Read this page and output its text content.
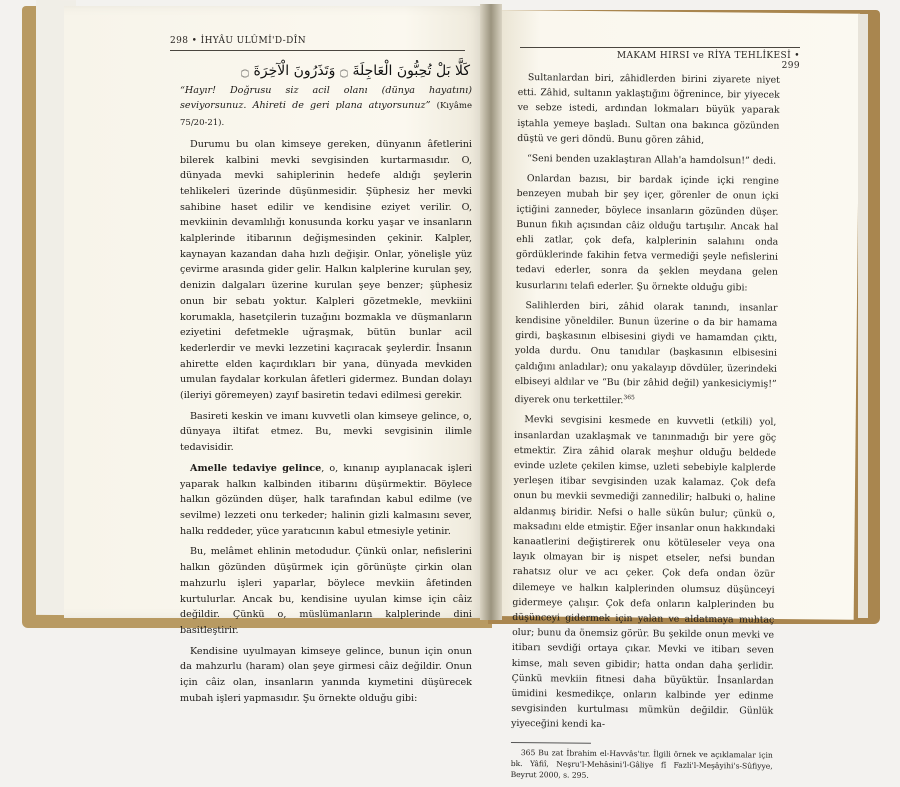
298 • İHYÂU ULÛMİ'D-DÎN
MAKAM HIRSI ve RİYA TEHLİKESİ • 299
كَلَّا بَلْ تُحِبُّونَ الْعَاجِلَةَ ۝ وَتَذَرُونَ الْآخِرَةَ ۝

“Hayır! Doğrusu siz acil olanı (dünya hayatını) seviyorsunuz. Ahireti de geri plana atıyorsunuz” (Kıyâme 75/20-21).

Durumu bu olan kimseye gereken, dünyanın âfetlerini bilerek kalbini mevki sevgisinden kurtarmasıdır. O, dünyada mevki sahiplerinin hedefe aldığı şeylerin tehlikeleri üzerinde düşünmesidir. Şüphesiz her mevki sahibine haset edilir ve kendisine eziyet verilir. O, mevkiinin devamlılığı konusunda korku yaşar ve insanların kalplerinde itibarının değişmesinden çekinir. Kalpler, kaynayan kazandan daha hızlı değişir. Onlar, yönelişle yüz çevirme arasında gider gelir. Halkın kalplerine kurulan şey, denizin dalgaları üzerine kurulan şeye benzer; şüphesiz onun bir sebatı yoktur. Kalpleri gözetmekle, mevkiini korumakla, hasetçilerin tuzağını bozmakla ve düşmanların eziyetini defetmekle uğraşmak, bütün bunlar acil kederlerdir ve mevki lezzetini kaçıracak şeylerdir. İnsanın ahirette elden kaçırdıkları bir yana, dünyada mevkiden umulan faydalar korkulan âfetleri gidermez. Bundan dolayı (ileriyi göremeyen) zayıf basiretin tedavi edilmesi gerekir.

Basireti keskin ve imanı kuvvetli olan kimseye gelince, o, dünyaya iltifat etmez. Bu, mevki sevgisinin ilimle tedavisidir.

Amelle tedaviye gelince, o, kınanıp ayıplanacak işleri yaparak halkın kalbinden itibarını düşürmektir. Böylece halkın gözünden düşer, halk tarafından kabul edilme (ve sevilme) lezzeti onu terkeder; halinin gizli kalmasını sever, halkı reddeder, yüce yaratıcının kabul etmesiyle yetinir.

Bu, melâmet ehlinin metodudur. Çünkü onlar, nefislerini halkın gözünden düşürmek için görünüşte çirkin olan mahzurlu işleri yaparlar, böylece mevkiin âfetinden kurtulurlar. Ancak bu, kendisine uyulan kimse için câiz değildir. Çünkü o, müslümanların kalplerinde dini basitleştirir.

Kendisine uyulmayan kimseye gelince, bunun için onun da mahzurlu (haram) olan şeye girmesi câiz değildir. Onun için câiz olan, insanların yanında kıymetini düşürecek mubah işleri yapmasıdır. Şu örnekte olduğu gibi:

Sultanlardan biri, zâhidlerden birini ziyarete niyet etti. Zâhid, sultanın yaklaştığını öğrenince, bir yiyecek ve sebze istedi, ardından lokmaları büyük yaparak iştahla yemeye başladı. Sultan ona bakınca gözünden düştü ve geri döndü. Bunu gören zâhid,

“Seni benden uzaklaştıran Allah'a hamdolsun!” dedi.

Onlardan bazısı, bir bardak içinde içki rengine benzeyen mubah bir şey içer, görenler de onun içki içtiğini zanneder, böylece insanların gözünden düşer. Bunun fıkıh açısından câiz olduğu tartışılır. Ancak hal ehli zatlar, çok defa, kalplerinin salahını onda gördüklerinde fakihin fetva vermediği şeyle nefislerini tedavi ederler, sonra da şeklen meydana gelen kusurlarını telafi ederler. Şu örnekte olduğu gibi:

Salihlerden biri, zâhid olarak tanındı, insanlar kendisine yöneldiler. Bunun üzerine o da bir hamama girdi, başkasının elbisesini giydi ve hamamdan çıktı, yolda durdu. Onu tanıdılar (başkasının elbisesini çaldığını anladılar); onu yakalayıp dövdüler, üzerindeki elbiseyi aldılar ve “Bu (bir zâhid değil) yankesiciymiş!” diyerek onu terkettiler.$^{365}$

Mevki sevgisini kesmede en kuvvetli (etkili) yol, insanlardan uzaklaşmak ve tanınmadığı bir yere göç etmektir. Zira zâhid olarak meşhur olduğu beldede evinde uzlete çekilen kimse, uzleti sebebiyle kalplerde yerleşen itibar sevgisinden uzak kalamaz. Çok defa onun bu mevkii sevmediği zannedilir; halbuki o, haline aldanmış biridir. Nefsi o halle sükûn bulur; çünkü o, maksadını elde etmiştir. Eğer insanlar onun hakkındaki kanaatlerini değiştirerek onu kötüleseler veya ona layık olmayan bir iş nispet etseler, nefsi bundan rahatsız olur ve acı çeker. Çok defa ondan özür dilemeye ve halkın kalplerinden olumsuz düşünceyi gidermeye çalışır. Çok defa onların kalplerinden bu düşünceyi gidermek için yalan ve aldatmaya muhtaç olur; bunu da önemsiz görür. Bu şekilde onun mevki ve itibarı sevdiği ortaya çıkar. Mevki ve itibarı seven kimse, malı seven gibidir; hatta ondan daha şerlidir. Çünkü mevkiin fitnesi daha büyüktür. İnsanlardan ümidini kesmedikçe, onların kalbinde yer edinme sevgisinden kurtulması mümkün değildir. Günlük yiyeceğini kendi ka-

365 Bu zat İbrahim el-Havvâs'tır. İlgili örnek ve açıklamalar için bk. Yâfiî, Neşru'l-Mehâsini'l-Gâliye fî Fazli'l-Meşâyihi's-Sûfiyye, Beyrut 2000, s. 295.
